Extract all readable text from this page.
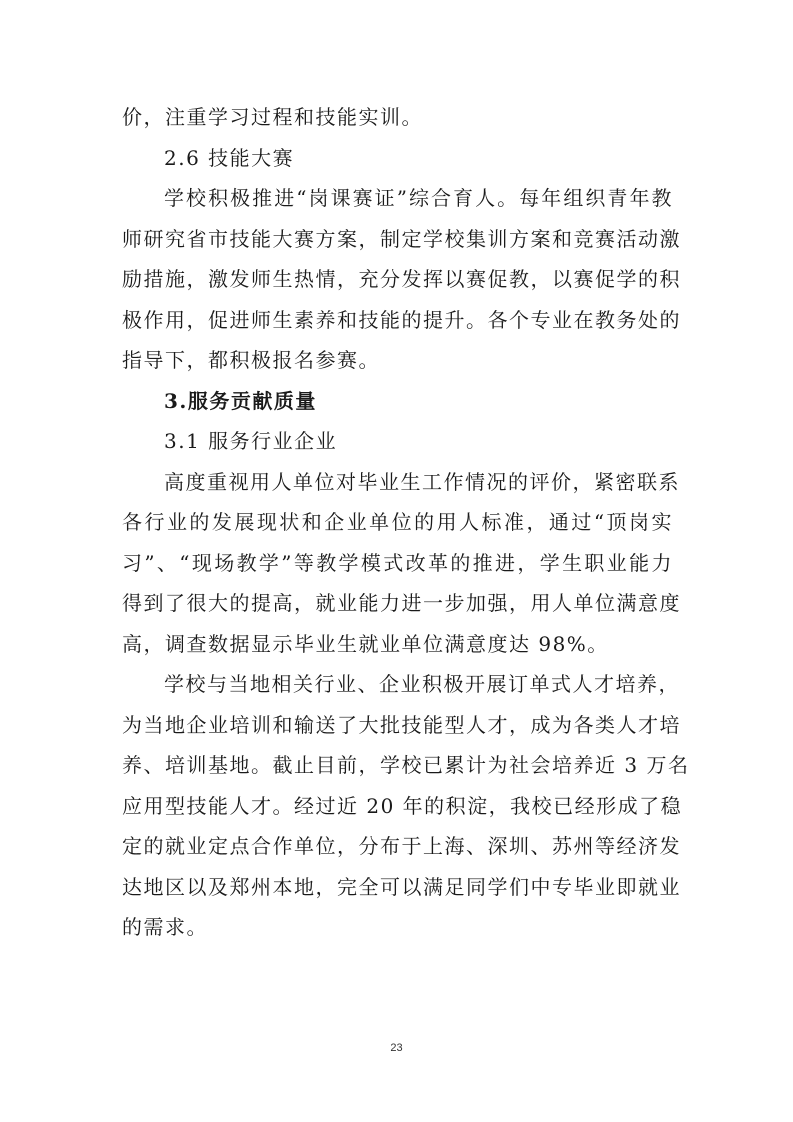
价，注重学习过程和技能实训。
2.6 技能大赛
学校积极推进“岗课赛证”综合育人。每年组织青年教
师研究省市技能大赛方案，制定学校集训方案和竞赛活动激
励措施，激发师生热情，充分发挥以赛促教，以赛促学的积
极作用，促进师生素养和技能的提升。各个专业在教务处的
指导下，都积极报名参赛。
3.服务贡献质量
3.1 服务行业企业
高度重视用人单位对毕业生工作情况的评价，紧密联系
各行业的发展现状和企业单位的用人标准，通过“顶岗实
习”、“现场教学”等教学模式改革的推进，学生职业能力
得到了很大的提高，就业能力进一步加强，用人单位满意度
高，调查数据显示毕业生就业单位满意度达 98%。
学校与当地相关行业、企业积极开展订单式人才培养，
为当地企业培训和输送了大批技能型人才，成为各类人才培
养、培训基地。截止目前，学校已累计为社会培养近 3 万名
应用型技能人才。经过近 20 年的积淀，我校已经形成了稳
定的就业定点合作单位，分布于上海、深圳、苏州等经济发
达地区以及郑州本地，完全可以满足同学们中专毕业即就业
的需求。
23
